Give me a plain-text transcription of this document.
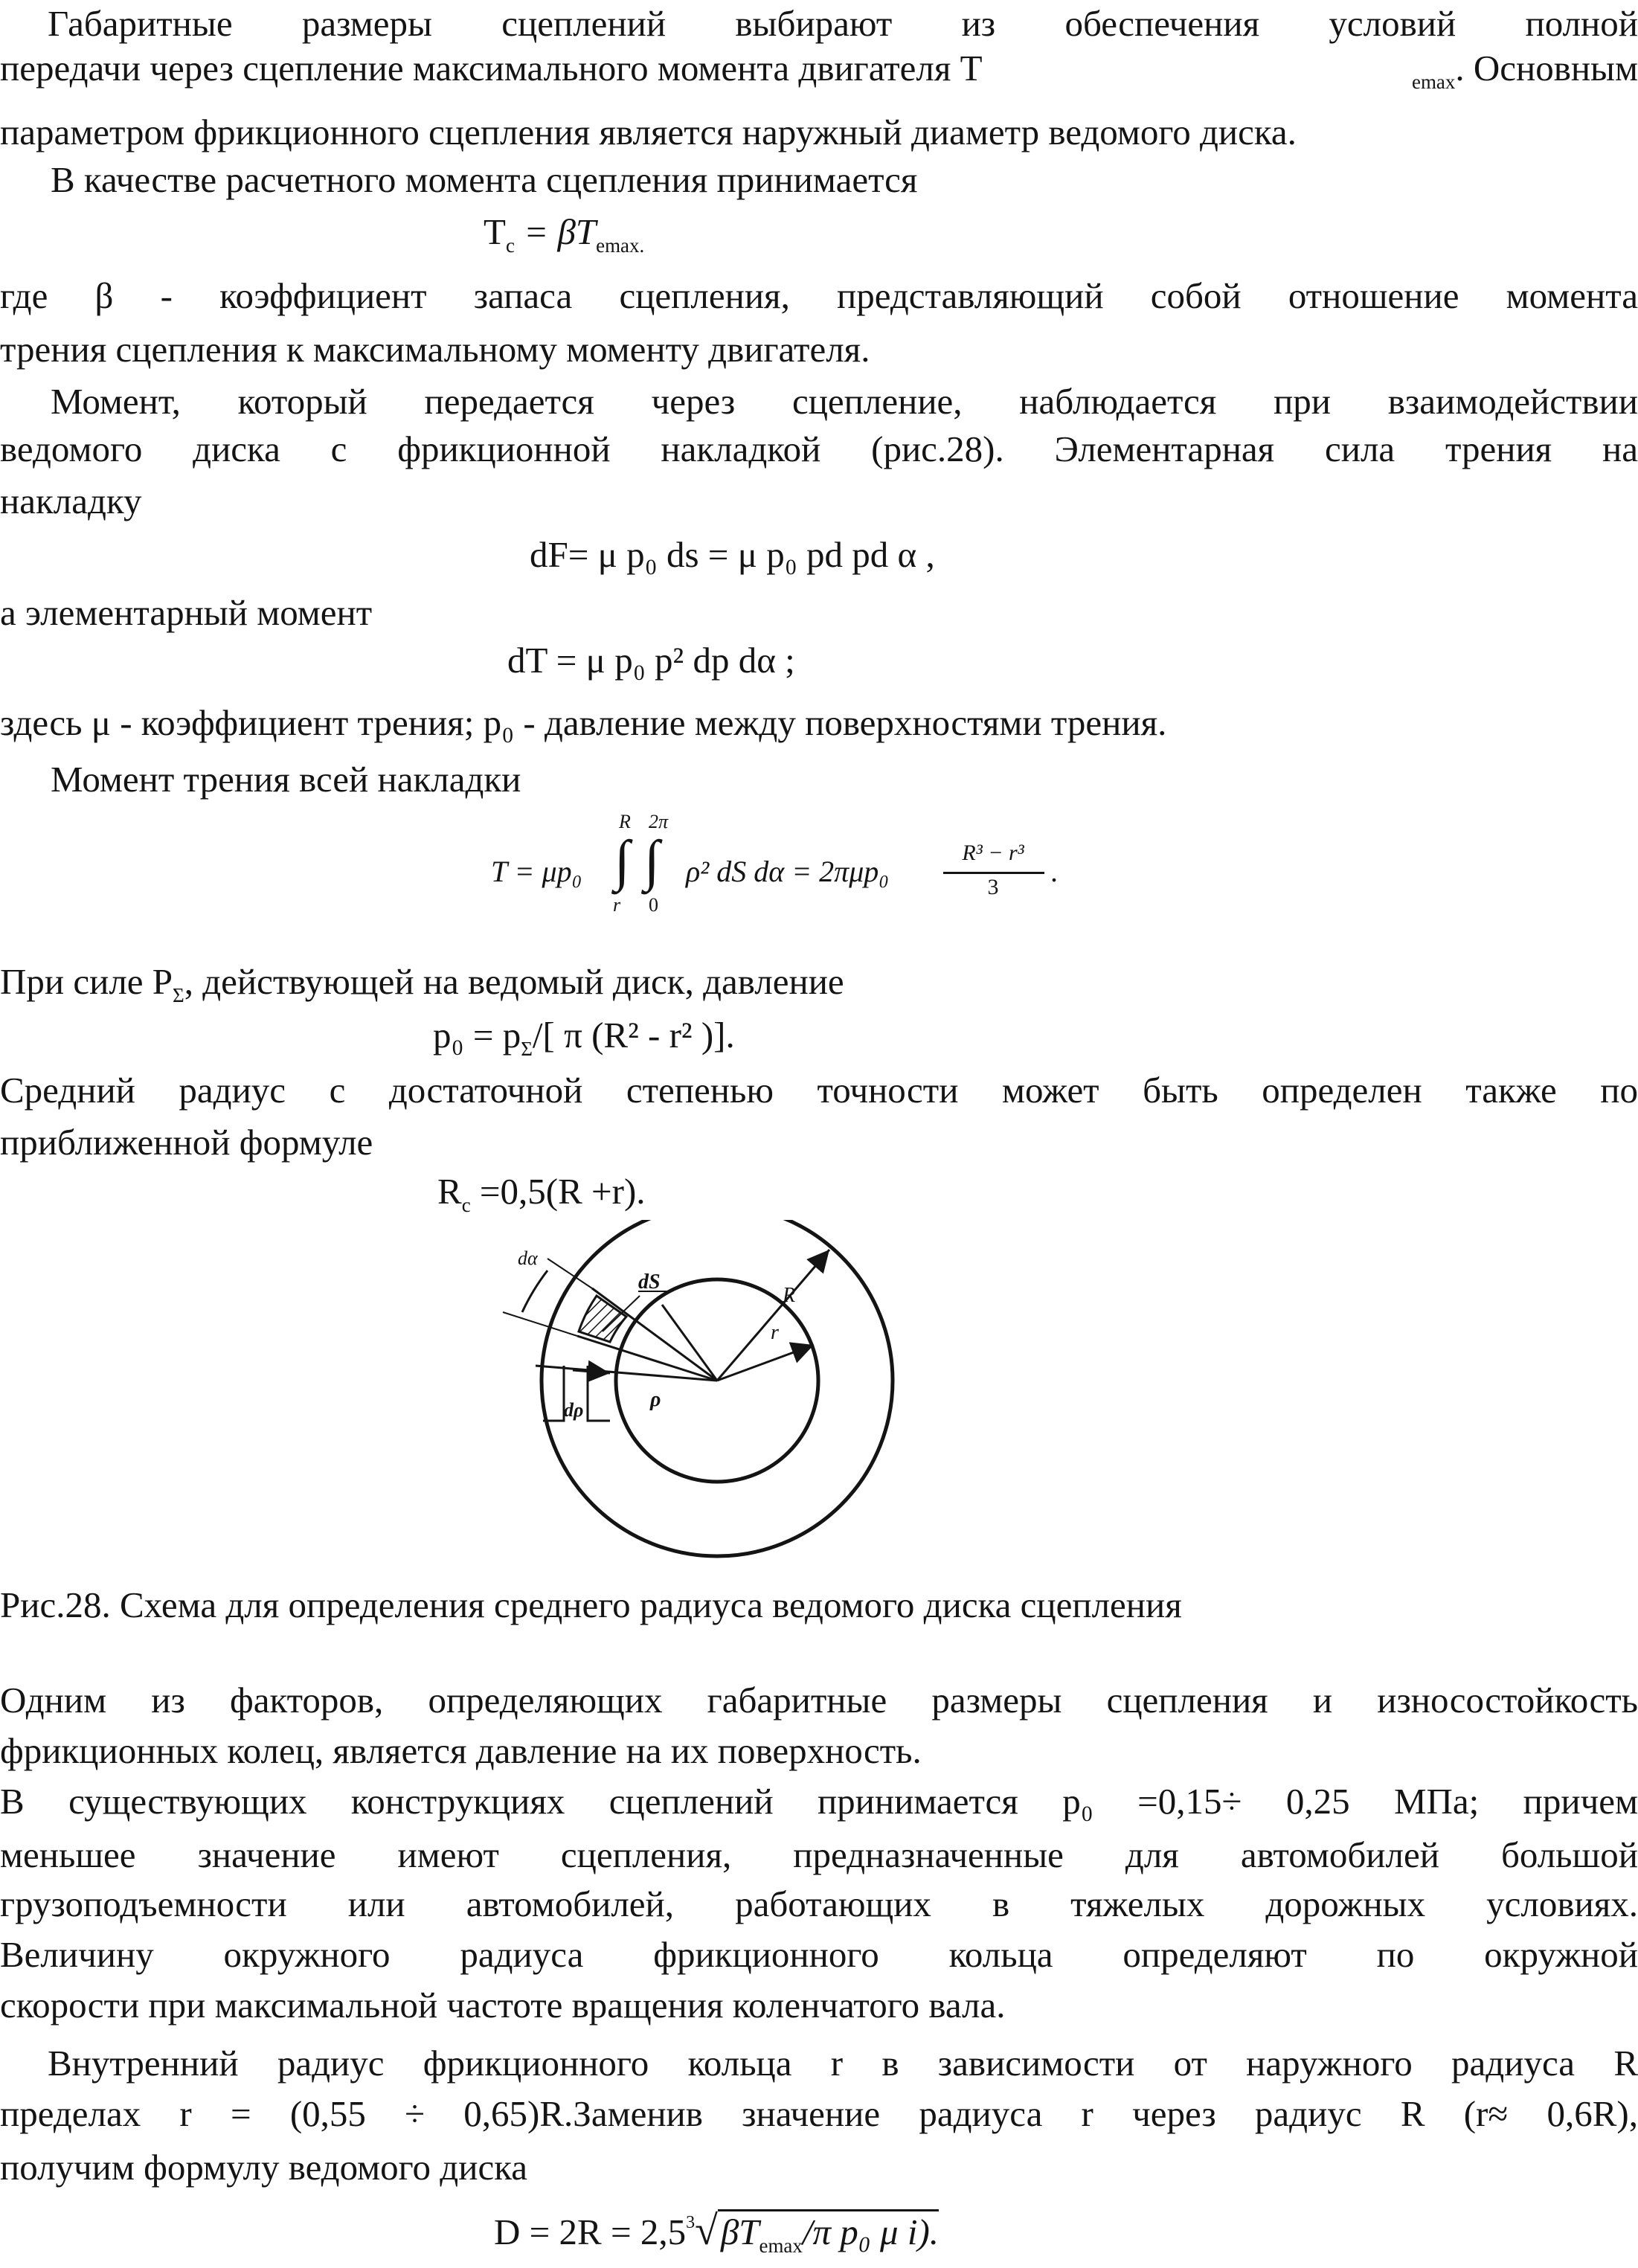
Габаритные размеры сцеплений выбирают из обеспечения условий полной
передачи через сцепление максимального момента двигателя T	$_{emax}$. Основным
параметром фрикционного сцепления является наружный диаметр ведомого диска.
В качестве расчетного момента сцепления принимается
$T_c = \beta T_{emax.}$
где β - коэффициент запаса сцепления, представляющий собой отношение момента
трения сцепления к максимальному моменту двигателя.
Момент, который передается через сцепление, наблюдается при взаимодействии
ведомого диска с фрикционной накладкой (рис.28). Элементарная сила трения на
накладку
dF= μ p₀ ds = μ p₀ pd pd α ,
а элементарный момент
dT = μ p₀ p² dp dα ;
здесь μ - коэффициент трения; p₀ - давление между поверхностями трения.
Момент трения всей накладки
T = μp₀
R 2π
∫ ∫
r 0
ρ² dS dα = 2πμp₀
R³ − r³
3	.
При силе $P_\Sigma$, действующей на ведомый диск, давление
$p_0 = p_\Sigma/$[ π (R² - r² )].
Средний радиус с достаточной степенью точности может быть определен также по
приближенной формуле
$R_c =0,5(R +r)$.
dα
dS
R
r
ρ
dρ
Рис.28. Схема для определения среднего радиуса ведомого диска сцепления
Одним из факторов, определяющих габаритные размеры сцепления и износостойкость
фрикционных колец, является давление на их поверхность.
В существующих конструкциях сцеплений принимается p₀ =0,15÷ 0,25 МПа; причем
меньшее значение имеют сцепления, предназначенные для автомобилей большой
грузоподъемности или автомобилей, работающих в тяжелых дорожных условиях.
Величину окружного радиуса фрикционного кольца определяют по окружной
скорости при максимальной частоте вращения коленчатого вала.
Внутренний радиус фрикционного кольца r в зависимости от наружного радиуса R
пределах r = (0,55 ÷ 0,65)R.Заменив значение радиуса r через радиус R (r≈ 0,6R),
получим формулу ведомого диска
$D = 2R = 2,5^3√\beta T_{emax}/\pi$ p₀ μ i).
